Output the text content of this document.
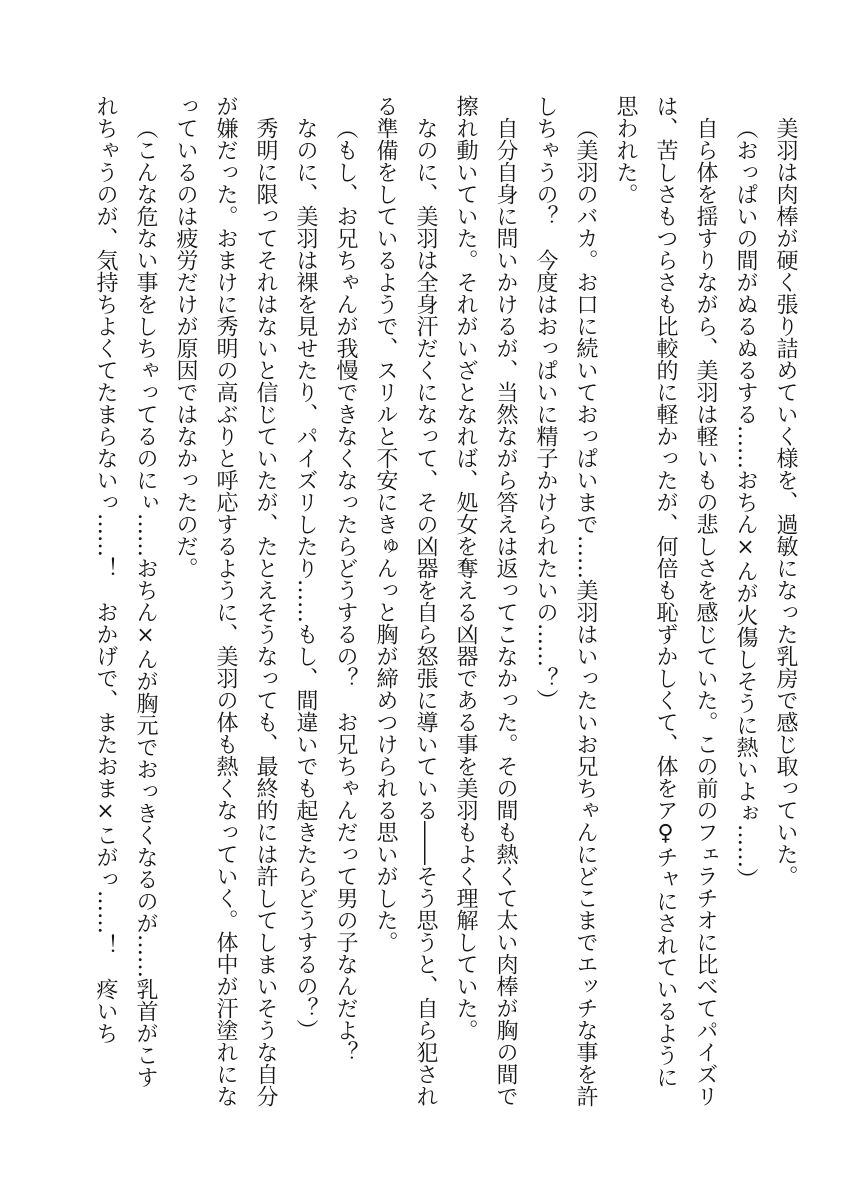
美羽は肉棒が硬く張り詰めていく様を、過敏になった乳房で感じ取っていた。

（おっぱいの間がぬるぬるする……おちん×んが火傷しそうに熱いよぉ……）

自ら体を揺すりながら、美羽は軽いもの悲しさを感じていた。この前のフェラチオに比べてパイズリは、苦しさもつらさも比較的に軽かったが、何倍も恥ずかしくて、体をア♀チャにされているように思われた。

（美羽のバカ。お口に続いておっぱいまで……美羽はいったいお兄ちゃんにどこまでエッチな事を許しちゃうの？　今度はおっぱいに精子かけられたいの……？）

自分自身に問いかけるが、当然ながら答えは返ってこなかった。その間も熱くて太い肉棒が胸の間で擦れ動いていた。それがいざとなれば、処女を奪える凶器である事を美羽もよく理解していた。

なのに、美羽は全身汗だくになって、その凶器を自ら怒張に導いている――そう思うと、自ら犯される準備をしているようで、スリルと不安にきゅんっと胸が締めつけられる思いがした。

（もし、お兄ちゃんが我慢できなくなったらどうするの？　お兄ちゃんだって男の子なんだよ？

なのに、美羽は裸を見せたり、パイズリしたり……もし、間違いでも起きたらどうするの？）

秀明に限ってそれはないと信じていたが、たとえそうなっても、最終的には許してしまいそうな自分が嫌だった。おまけに秀明の高ぶりと呼応するように、美羽の体も熱くなっていく。体中が汗塗れになっているのは疲労だけが原因ではなかったのだ。

（こんな危ない事をしちゃってるのにぃ……おちん×んが胸元でおっきくなるのが……乳首がこすれちゃうのが、気持ちよくてたまらないっ……！　おかげで、またおま×こがっ……！　疼いち
